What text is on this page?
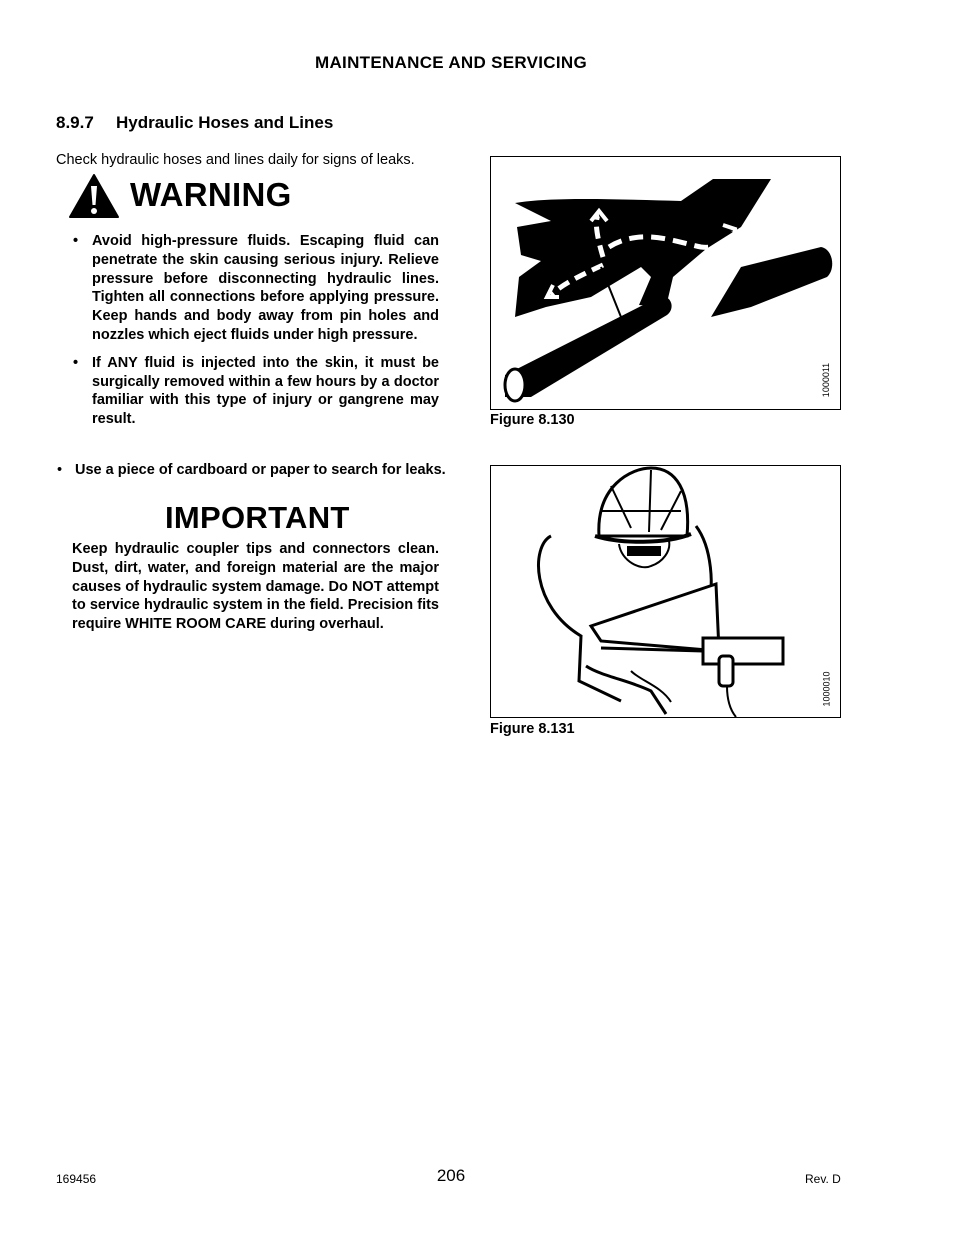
MAINTENANCE AND SERVICING
8.9.7 Hydraulic Hoses and Lines
Check hydraulic hoses and lines daily for signs of leaks.
WARNING
• Avoid high-pressure fluids. Escaping fluid can penetrate the skin causing serious injury. Relieve pressure before disconnecting hydraulic lines. Tighten all connections before applying pressure. Keep hands and body away from pin holes and nozzles which eject fluids under high pressure.
• If ANY fluid is injected into the skin, it must be surgically removed within a few hours by a doctor familiar with this type of injury or gangrene may result.
• Use a piece of cardboard or paper to search for leaks.
IMPORTANT
Keep hydraulic coupler tips and connectors clean. Dust, dirt, water, and foreign material are the major causes of hydraulic system damage. Do NOT attempt to service hydraulic system in the field. Precision fits require WHITE ROOM CARE during overhaul.
1000011
Figure 8.130
1000010
Figure 8.131
169456	206	Rev. D
